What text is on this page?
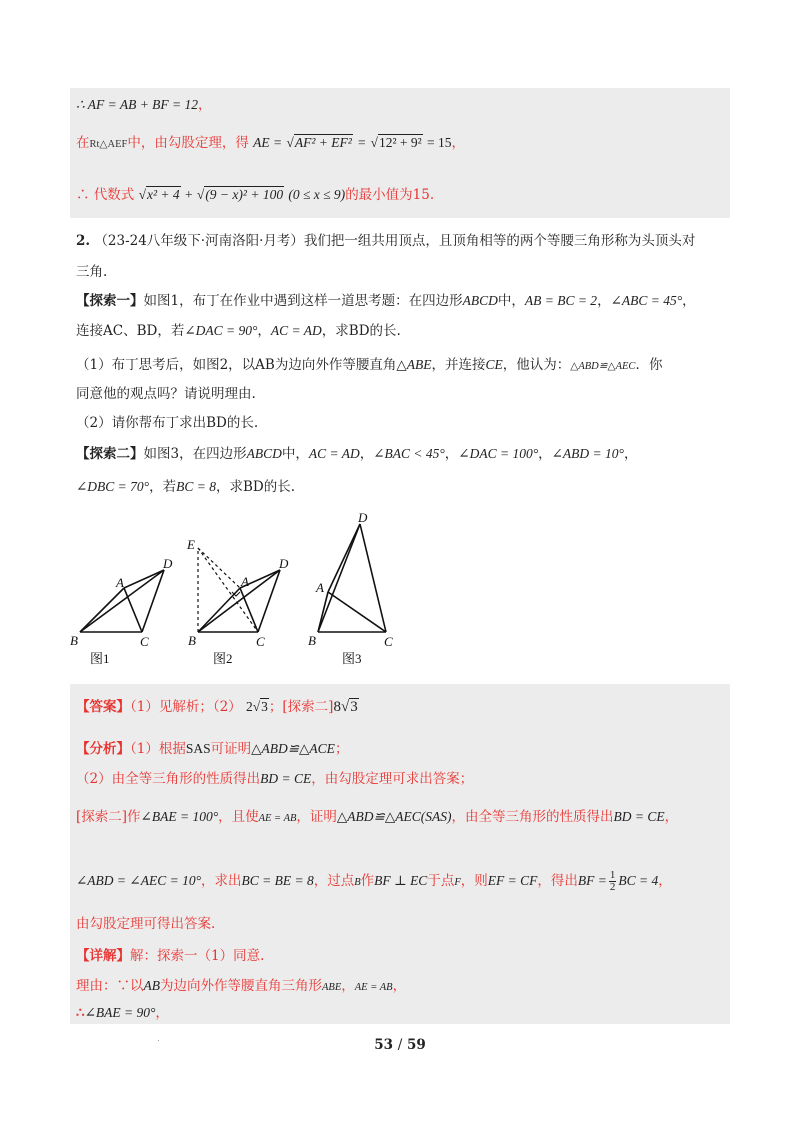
∴ AF = AB + BF = 12，
在Rt△AEF中，由勾股定理，得 AE = √AF² + EF² = √12² + 9² = 15，
∴ 代数式 √x² + 4 + √(9 − x)² + 100 (0 ≤ x ≤ 9)的最小值为15.
2. （23-24八年级下·河南洛阳·月考）我们把一组共用顶点，且顶角相等的两个等腰三角形称为头顶头对
三角.
【探索一】如图1，布丁在作业中遇到这样一道思考题：在四边形ABCD中，AB = BC = 2，∠ABC = 45°，
连接AC、BD，若∠DAC = 90°，AC = AD，求BD的长.
（1）布丁思考后，如图2，以AB为边向外作等腰直角△ABE，并连接CE，他认为：△ABD≌△AEC．你
同意他的观点吗？请说明理由.
（2）请你帮布丁求出BD的长.
【探索二】如图3，在四边形ABCD中，AC = AD，∠BAC < 45°，∠DAC = 100°，∠ABD = 10°，
∠DBC = 70°，若BC = 8，求BD的长.
B	C
A
D
图1
B	C
A
D
E
图2
B	C
A
D
图3
【答案】（1）见解析；（2） 2√3；[探索二]8√3
【分析】（1）根据SAS可证明△ABD≌△ACE；
（2）由全等三角形的性质得出BD = CE，由勾股定理可求出答案；
[探索二]作∠BAE = 100°，且使AE = AB，证明△ABD≌△AEC(SAS)，由全等三角形的性质得出BD = CE，
∠ABD = ∠AEC = 10°，求出BC = BE = 8，过点B作BF ⊥ EC于点F，则EF = CF，得出BF = $\frac{1}{2}$ BC = 4，
由勾股定理可得出答案.
【详解】解：探索一（1）同意.
理由：∵以AB为边向外作等腰直角三角形ABE，AE = AB，
∴∠BAE = 90°，
.	53 / 59
